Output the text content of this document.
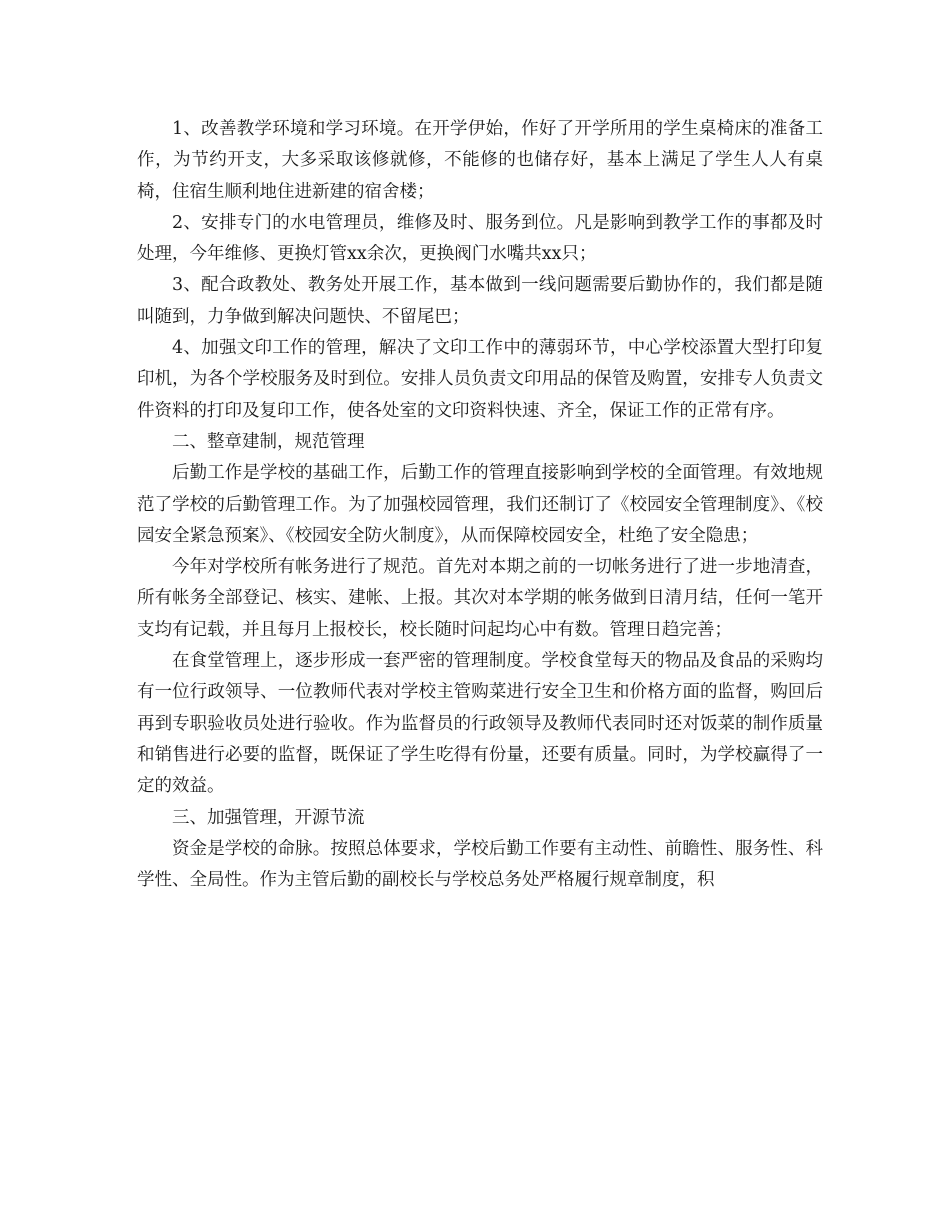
1、改善教学环境和学习环境。在开学伊始，作好了开学所用的学生桌椅床的准备工作，为节约开支，大多采取该修就修，不能修的也储存好，基本上满足了学生人人有桌椅，住宿生顺利地住进新建的宿舍楼；

2、安排专门的水电管理员，维修及时、服务到位。凡是影响到教学工作的事都及时处理，今年维修、更换灯管xx余次，更换阀门水嘴共xx只；

3、配合政教处、教务处开展工作，基本做到一线问题需要后勤协作的，我们都是随叫随到，力争做到解决问题快、不留尾巴；

4、加强文印工作的管理，解决了文印工作中的薄弱环节，中心学校添置大型打印复印机，为各个学校服务及时到位。安排人员负责文印用品的保管及购置，安排专人负责文件资料的打印及复印工作，使各处室的文印资料快速、齐全，保证工作的正常有序。

二、整章建制，规范管理

后勤工作是学校的基础工作，后勤工作的管理直接影响到学校的全面管理。有效地规范了学校的后勤管理工作。为了加强校园管理，我们还制订了《校园安全管理制度》、《校园安全紧急预案》、《校园安全防火制度》，从而保障校园安全，杜绝了安全隐患；

今年对学校所有帐务进行了规范。首先对本期之前的一切帐务进行了进一步地清查，所有帐务全部登记、核实、建帐、上报。其次对本学期的帐务做到日清月结，任何一笔开支均有记载，并且每月上报校长，校长随时问起均心中有数。管理日趋完善；

在食堂管理上，逐步形成一套严密的管理制度。学校食堂每天的物品及食品的采购均有一位行政领导、一位教师代表对学校主管购菜进行安全卫生和价格方面的监督，购回后再到专职验收员处进行验收。作为监督员的行政领导及教师代表同时还对饭菜的制作质量和销售进行必要的监督，既保证了学生吃得有份量，还要有质量。同时，为学校赢得了一定的效益。

三、加强管理，开源节流

资金是学校的命脉。按照总体要求，学校后勤工作要有主动性、前瞻性、服务性、科学性、全局性。作为主管后勤的副校长与学校总务处严格履行规章制度，积
